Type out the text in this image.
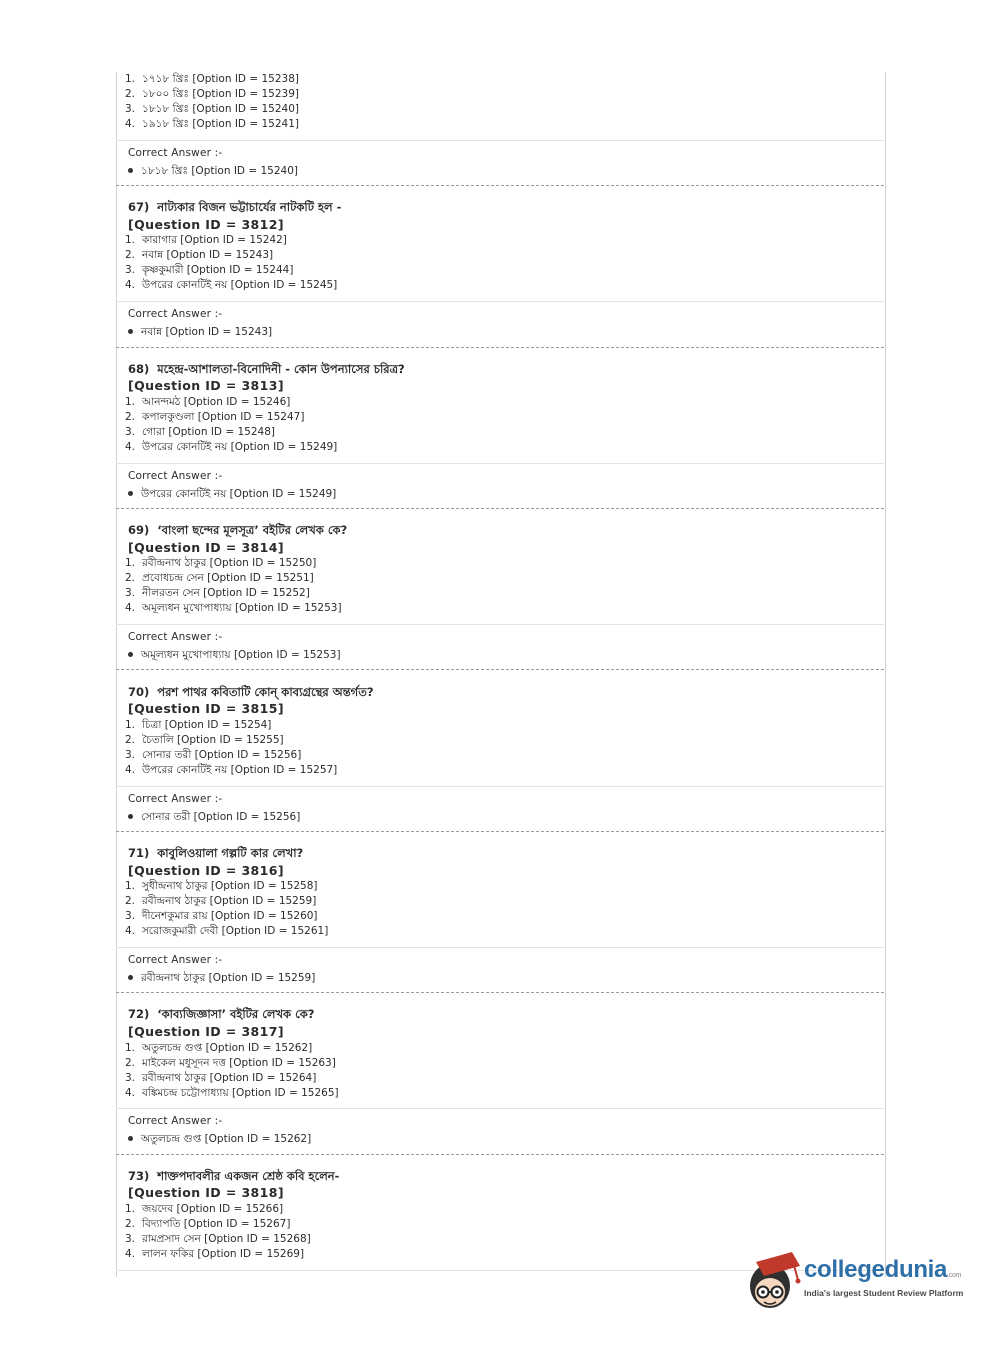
1. ১৭১৮ খ্রিঃ [Option ID = 15238]
2. ১৮০০ খ্রিঃ [Option ID = 15239]
3. ১৮১৮ খ্রিঃ [Option ID = 15240]
4. ১৯১৮ খ্রিঃ [Option ID = 15241]
Correct Answer :-
১৮১৮ খ্রিঃ [Option ID = 15240]
67) নাট্যকার বিজন ভট্টাচার্যের নাটকটি হল -
[Question ID = 3812]
1. কারাগার [Option ID = 15242]
2. নবান্ন [Option ID = 15243]
3. কৃষ্ণকুমারী [Option ID = 15244]
4. উপরের কোনটিই নয় [Option ID = 15245]
Correct Answer :-
নবান্ন [Option ID = 15243]
68) মহেন্দ্র-আশালতা-বিনোদিনী - কোন উপন্যাসের চরিত্র?
[Question ID = 3813]
1. আনন্দমঠ [Option ID = 15246]
2. কপালকুণ্ডলা [Option ID = 15247]
3. গোরা [Option ID = 15248]
4. উপরের কোনটিই নয় [Option ID = 15249]
Correct Answer :-
উপরের কোনটিই নয় [Option ID = 15249]
69) ‘বাংলা ছন্দের মূলসূত্র’ বইটির লেখক কে?
[Question ID = 3814]
1. রবীন্দ্রনাথ ঠাকুর [Option ID = 15250]
2. প্রবোধচন্দ্র সেন [Option ID = 15251]
3. নীলরতন সেন [Option ID = 15252]
4. অমূল্যধন মুখোপাধ্যায় [Option ID = 15253]
Correct Answer :-
অমূল্যধন মুখোপাধ্যায় [Option ID = 15253]
70) পরশ পাথর কবিতাটি কোন্ কাব্যগ্রন্থের অন্তর্গত?
[Question ID = 3815]
1. চিত্রা [Option ID = 15254]
2. চৈতালি [Option ID = 15255]
3. সোনার তরী [Option ID = 15256]
4. উপরের কোনটিই নয় [Option ID = 15257]
Correct Answer :-
সোনার তরী [Option ID = 15256]
71) কাবুলিওয়ালা গল্পটি কার লেখা?
[Question ID = 3816]
1. সুধীন্দ্রনাথ ঠাকুর [Option ID = 15258]
2. রবীন্দ্রনাথ ঠাকুর [Option ID = 15259]
3. দীনেশকুমার রায় [Option ID = 15260]
4. সরোজকুমারী দেবী [Option ID = 15261]
Correct Answer :-
রবীন্দ্রনাথ ঠাকুর [Option ID = 15259]
72) ‘কাব্যজিজ্ঞাসা’ বইটির লেখক কে?
[Question ID = 3817]
1. অতুলচন্দ্র গুপ্ত [Option ID = 15262]
2. মাইকেল মধুসূদন দত্ত [Option ID = 15263]
3. রবীন্দ্রনাথ ঠাকুর [Option ID = 15264]
4. বঙ্কিমচন্দ্র চট্টোপাধ্যায় [Option ID = 15265]
Correct Answer :-
অতুলচন্দ্র গুপ্ত [Option ID = 15262]
73) শাক্তপদাবলীর একজন শ্রেষ্ঠ কবি হলেন-
[Question ID = 3818]
1. জয়দেব [Option ID = 15266]
2. বিদ্যাপতি [Option ID = 15267]
3. রামপ্রসাদ সেন [Option ID = 15268]
4. লালন ফকির [Option ID = 15269]
collegedunia.com
India's largest Student Review Platform
